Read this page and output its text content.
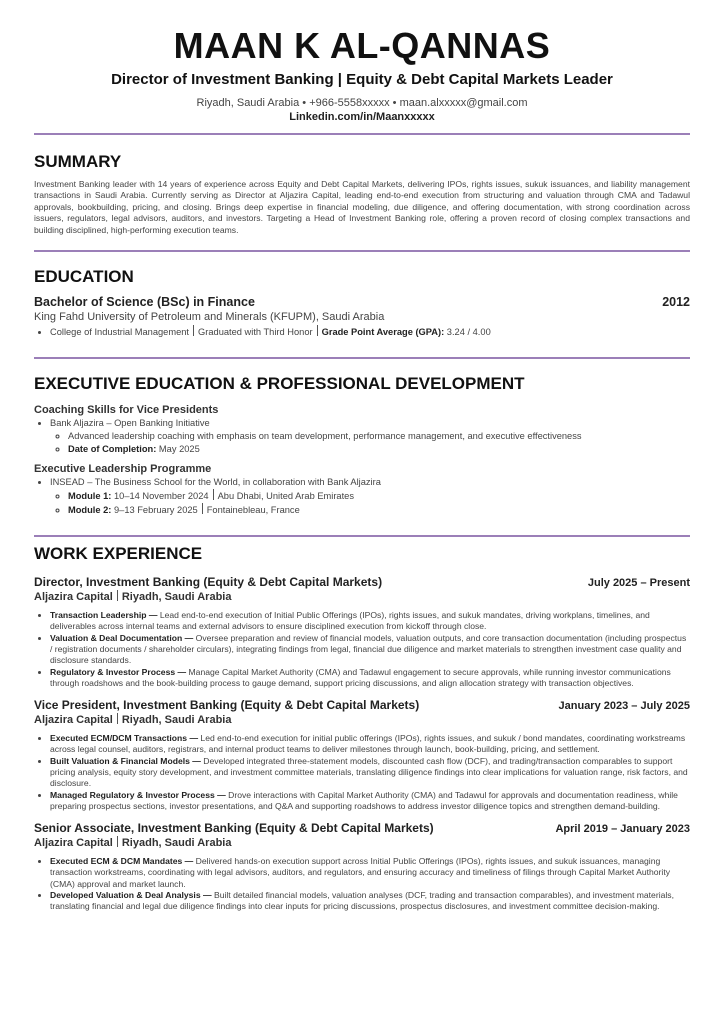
MAAN K AL-QANNAS
Director of Investment Banking | Equity & Debt Capital Markets Leader
Riyadh, Saudi Arabia • +966-5558xxxxx • maan.alxxxxx@gmail.com
Linkedin.com/in/Maanxxxxx
SUMMARY
Investment Banking leader with 14 years of experience across Equity and Debt Capital Markets, delivering IPOs, rights issues, sukuk issuances, and liability management transactions in Saudi Arabia. Currently serving as Director at Aljazira Capital, leading end-to-end execution from structuring and valuation through CMA and Tadawul approvals, bookbuilding, pricing, and closing. Brings deep expertise in financial modeling, due diligence, and offering documentation, with strong coordination across issuers, regulators, legal advisors, auditors, and investors. Targeting a Head of Investment Banking role, offering a proven record of closing complex transactions and building disciplined, high-performing execution teams.
EDUCATION
Bachelor of Science (BSc) in Finance	2012
King Fahd University of Petroleum and Minerals (KFUPM), Saudi Arabia
• College of Industrial Management Graduated with Third Honor Grade Point Average (GPA): 3.24 / 4.00
EXECUTIVE EDUCATION & PROFESSIONAL DEVELOPMENT
Coaching Skills for Vice Presidents
• Bank Aljazira – Open Banking Initiative
◦ Advanced leadership coaching with emphasis on team development, performance management, and executive effectiveness
◦ Date of Completion: May 2025
Executive Leadership Programme
• INSEAD – The Business School for the World, in collaboration with Bank Aljazira
◦ Module 1: 10–14 November 2024 Abu Dhabi, United Arab Emirates
◦ Module 2: 9–13 February 2025 Fontainebleau, France
WORK EXPERIENCE
Director, Investment Banking (Equity & Debt Capital Markets)	July 2025 – Present
Aljazira Capital Riyadh, Saudi Arabia
• Transaction Leadership — Lead end-to-end execution of Initial Public Offerings (IPOs), rights issues, and sukuk mandates, driving workplans, timelines, and deliverables across internal teams and external advisors to ensure disciplined execution from kickoff through close.
• Valuation & Deal Documentation — Oversee preparation and review of financial models, valuation outputs, and core transaction documentation (including prospectus / registration documents / shareholder circulars), integrating findings from legal, financial due diligence and market materials to strengthen investment case quality and disclosure standards.
• Regulatory & Investor Process — Manage Capital Market Authority (CMA) and Tadawul engagement to secure approvals, while running investor communications through roadshows and the book-building process to gauge demand, support pricing discussions, and align allocation strategy with transaction objectives.
Vice President, Investment Banking (Equity & Debt Capital Markets)	January 2023 – July 2025
Aljazira Capital Riyadh, Saudi Arabia
• Executed ECM/DCM Transactions — Led end-to-end execution for initial public offerings (IPOs), rights issues, and sukuk / bond mandates, coordinating workstreams across legal counsel, auditors, registrars, and internal product teams to deliver milestones through launch, book-building, pricing, and settlement.
• Built Valuation & Financial Models — Developed integrated three-statement models, discounted cash flow (DCF), and trading/transaction comparables to support pricing analysis, equity story development, and investment committee materials, translating diligence findings into clear implications for valuation range, risk factors, and disclosure.
• Managed Regulatory & Investor Process — Drove interactions with Capital Market Authority (CMA) and Tadawul for approvals and documentation readiness, while preparing prospectus sections, investor presentations, and Q&A and supporting roadshows to address investor diligence topics and strengthen demand-building.
Senior Associate, Investment Banking (Equity & Debt Capital Markets)	April 2019 – January 2023
Aljazira Capital Riyadh, Saudi Arabia
• Executed ECM & DCM Mandates — Delivered hands-on execution support across Initial Public Offerings (IPOs), rights issues, and sukuk issuances, managing transaction workstreams, coordinating with legal advisors, auditors, and regulators, and ensuring accuracy and timeliness of filings through Capital Market Authority (CMA) approval and market launch.
• Developed Valuation & Deal Analysis — Built detailed financial models, valuation analyses (DCF, trading and transaction comparables), and investment materials, translating financial and legal due diligence findings into clear inputs for pricing discussions, prospectus disclosures, and investment committee decision-making.
